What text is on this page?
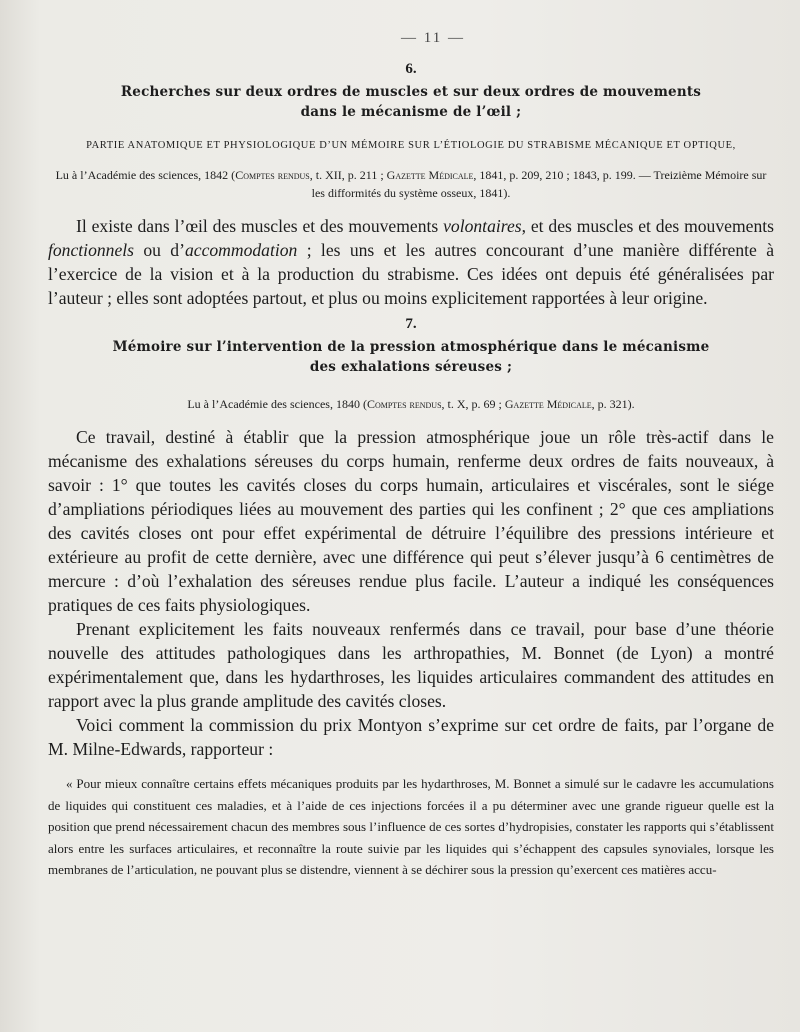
— 11 —
6.
Recherches sur deux ordres de muscles et sur deux ordres de mouvements
dans le mécanisme de l’œil ;
PARTIE ANATOMIQUE ET PHYSIOLOGIQUE D’UN MÉMOIRE SUR L’ÉTIOLOGIE DU STRABISME MÉCANIQUE ET OPTIQUE,
Lu à l’Académie des sciences, 1842 (Comptes rendus, t. XII, p. 211 ; Gazette Médicale, 1841, p. 209, 210 ; 1843, p. 199. — Treizième Mémoire sur les difformités du système osseux, 1841).

Il existe dans l’œil des muscles et des mouvements volontaires, et des muscles et des mouvements fonctionnels ou d’accommodation ; les uns et les autres concourant d’une manière différente à l’exercice de la vision et à la production du strabisme. Ces idées ont depuis été généralisées par l’auteur ; elles sont adoptées partout, et plus ou moins explicitement rapportées à leur origine.

7.
Mémoire sur l’intervention de la pression atmosphérique dans le mécanisme
des exhalations séreuses ;
Lu à l’Académie des sciences, 1840 (Comptes rendus, t. X, p. 69 ; Gazette Médicale, p. 321).

Ce travail, destiné à établir que la pression atmosphérique joue un rôle très-actif dans le mécanisme des exhalations séreuses du corps humain, renferme deux ordres de faits nouveaux, à savoir : 1° que toutes les cavités closes du corps humain, articulaires et viscérales, sont le siége d’ampliations périodiques liées au mouvement des parties qui les confinent ; 2° que ces ampliations des cavités closes ont pour effet expérimental de détruire l’équilibre des pressions intérieure et extérieure au profit de cette dernière, avec une différence qui peut s’élever jusqu’à 6 centimètres de mercure : d’où l’exhalation des séreuses rendue plus facile. L’auteur a indiqué les conséquences pratiques de ces faits physiologiques.

Prenant explicitement les faits nouveaux renfermés dans ce travail, pour base d’une théorie nouvelle des attitudes pathologiques dans les arthropathies, M. Bonnet (de Lyon) a montré expérimentalement que, dans les hydarthroses, les liquides articulaires commandent des attitudes en rapport avec la plus grande amplitude des cavités closes.

Voici comment la commission du prix Montyon s’exprime sur cet ordre de faits, par l’organe de M. Milne-Edwards, rapporteur :

« Pour mieux connaître certains effets mécaniques produits par les hydarthroses, M. Bonnet a simulé sur le cadavre les accumulations de liquides qui constituent ces maladies, et à l’aide de ces injections forcées il a pu déterminer avec une grande rigueur quelle est la position que prend nécessairement chacun des membres sous l’influence de ces sortes d’hydropisies, constater les rapports qui s’établissent alors entre les surfaces articulaires, et reconnaître la route suivie par les liquides qui s’échappent des capsules synoviales, lorsque les membranes de l’articulation, ne pouvant plus se distendre, viennent à se déchirer sous la pression qu’exercent ces matières accu-
